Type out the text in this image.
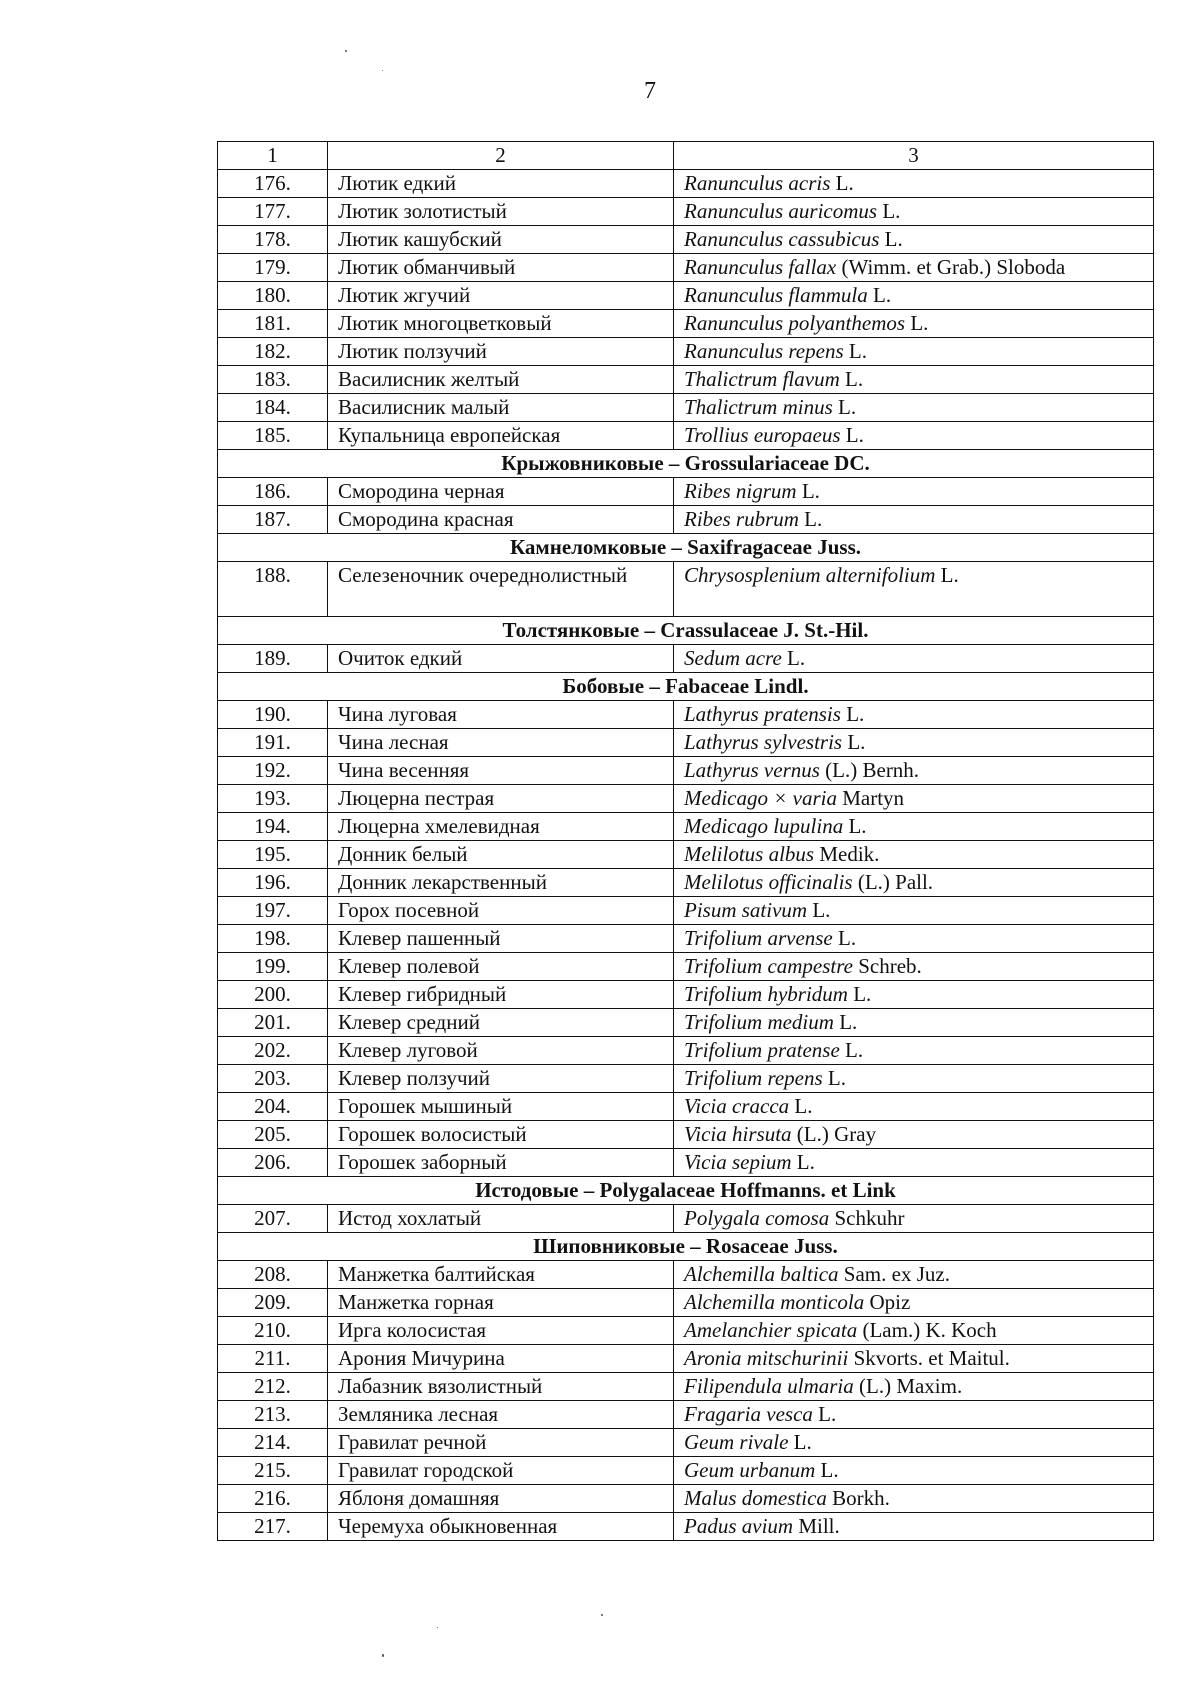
7
1	2	3
176.	Лютик едкий	Ranunculus acris L.
177.	Лютик золотистый	Ranunculus auricomus L.
178.	Лютик кашубский	Ranunculus cassubicus L.
179.	Лютик обманчивый	Ranunculus fallax (Wimm. et Grab.) Sloboda
180.	Лютик жгучий	Ranunculus flammula L.
181.	Лютик многоцветковый	Ranunculus polyanthemos L.
182.	Лютик ползучий	Ranunculus repens L.
183.	Василисник желтый	Thalictrum flavum L.
184.	Василисник малый	Thalictrum minus L.
185.	Купальница европейская	Trollius europaeus L.
Крыжовниковые – Grossulariaceae DC.		
186.	Смородина черная	Ribes nigrum L.
187.	Смородина красная	Ribes rubrum L.
Камнеломковые – Saxifragaceae Juss.		
188.	Селезеночник очереднолистный	Chrysosplenium alternifolium L.
Толстянковые – Crassulaceae J. St.-Hil.		
189.	Очиток едкий	Sedum acre L.
Бобовые – Fabaceae Lindl.		
190.	Чина луговая	Lathyrus pratensis L.
191.	Чина лесная	Lathyrus sylvestris L.
192.	Чина весенняя	Lathyrus vernus (L.) Bernh.
193.	Люцерна пестрая	Medicago × varia Martyn
194.	Люцерна хмелевидная	Medicago lupulina L.
195.	Донник белый	Melilotus albus Medik.
196.	Донник лекарственный	Melilotus officinalis (L.) Pall.
197.	Горох посевной	Pisum sativum L.
198.	Клевер пашенный	Trifolium arvense L.
199.	Клевер полевой	Trifolium campestre Schreb.
200.	Клевер гибридный	Trifolium hybridum L.
201.	Клевер средний	Trifolium medium L.
202.	Клевер луговой	Trifolium pratense L.
203.	Клевер ползучий	Trifolium repens L.
204.	Горошек мышиный	Vicia cracca L.
205.	Горошек волосистый	Vicia hirsuta (L.) Gray
206.	Горошек заборный	Vicia sepium L.
Истодовые – Polygalaceae Hoffmanns. et Link		
207.	Истод хохлатый	Polygala comosa Schkuhr
Шиповниковые – Rosaceae Juss.		
208.	Манжетка балтийская	Alchemilla baltica Sam. ex Juz.
209.	Манжетка горная	Alchemilla monticola Opiz
210.	Ирга колосистая	Amelanchier spicata (Lam.) K. Koch
211.	Арония Мичурина	Aronia mitschurinii Skvorts. et Maitul.
212.	Лабазник вязолистный	Filipendula ulmaria (L.) Maxim.
213.	Земляника лесная	Fragaria vesca L.
214.	Гравилат речной	Geum rivale L.
215.	Гравилат городской	Geum urbanum L.
216.	Яблоня домашняя	Malus domestica Borkh.
217.	Черемуха обыкновенная	Padus avium Mill.
